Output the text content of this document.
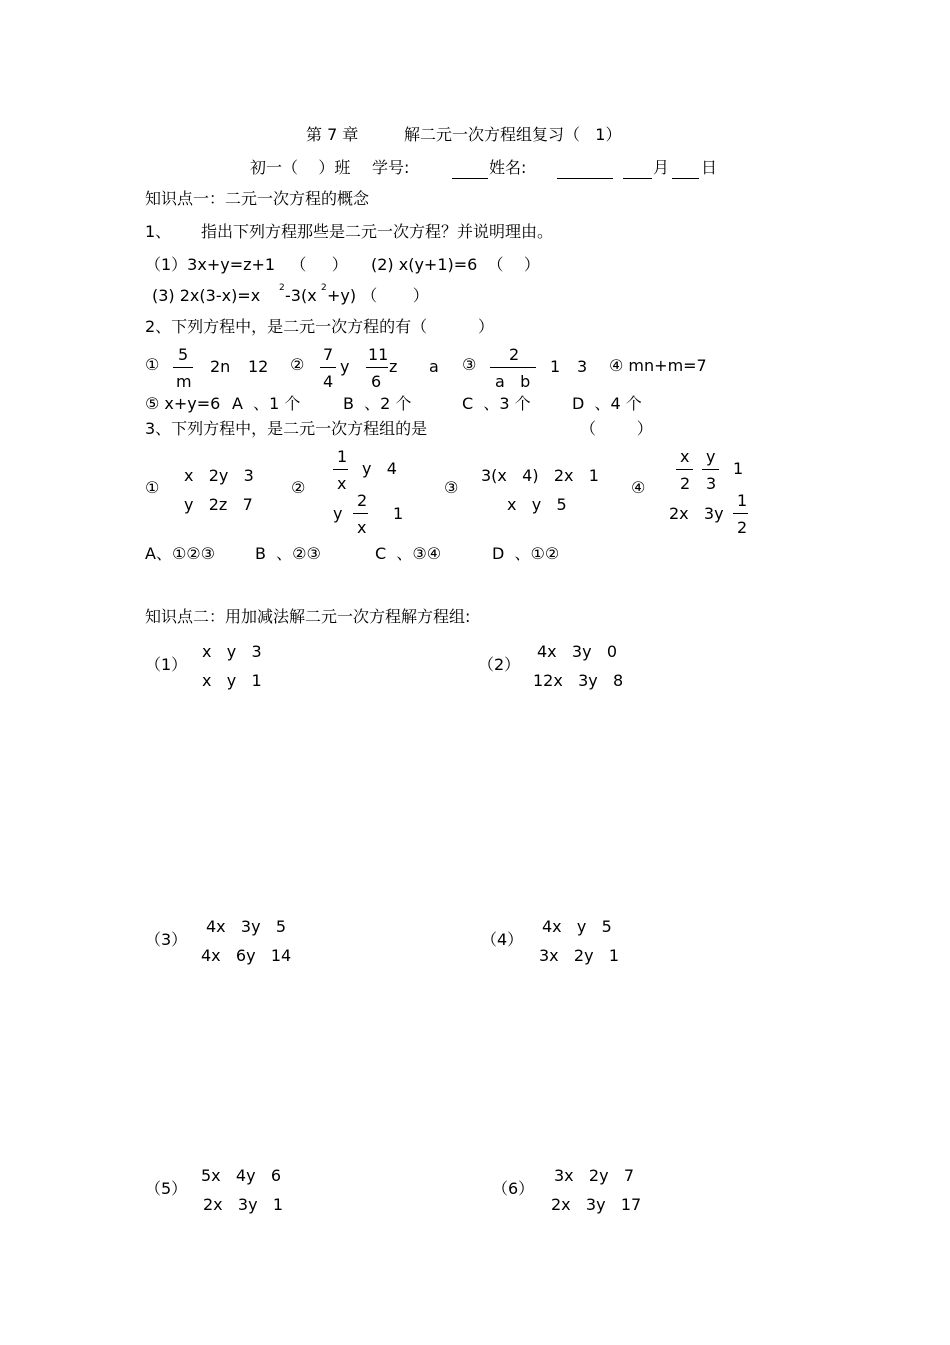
第 7 章	解二元一次方程组复习（   1）
初一（    ）班 学号:	姓名:	月 日
知识点一：二元一次方程的概念
1、 指出下列方程那些是二元一次方程？并说明理由。
（1）3x+y=z+1   （     ） (2) x(y+1)=6  （    ）
(3) 2x(3-x)=x 2 -3(x 2 +y) （       ）
2、下列方程中，是二元一次方程的有（          ）
①
5
m
2n 12 ②
7
4
y
11
6
z a ③
2
a   b
1 3 ④ mn+m=7
⑤ x+y=6 A  、1 个	B  、2 个	C  、3 个	D  、4 个
3、下列方程中，是二元一次方程组的是	（        ）
①
x   2y   3
y   2z   7
②
1
x
y   4
y
2
x
1
③
3(x   4)   2x   1
x   y   5
④
x
2
y
3
1
2x   3y
1
2
A、①②③	B  、②③	C  、③④	D  、①②
知识点二：用加减法解二元一次方程解方程组:
（1）
x   y   3
x   y   1
（2）
4x   3y   0
12x   3y   8
（3）
4x   3y   5
4x   6y   14
（4）
4x   y   5
3x   2y   1
（5）
5x   4y   6
2x   3y   1
（6）
3x   2y   7
2x   3y   17
